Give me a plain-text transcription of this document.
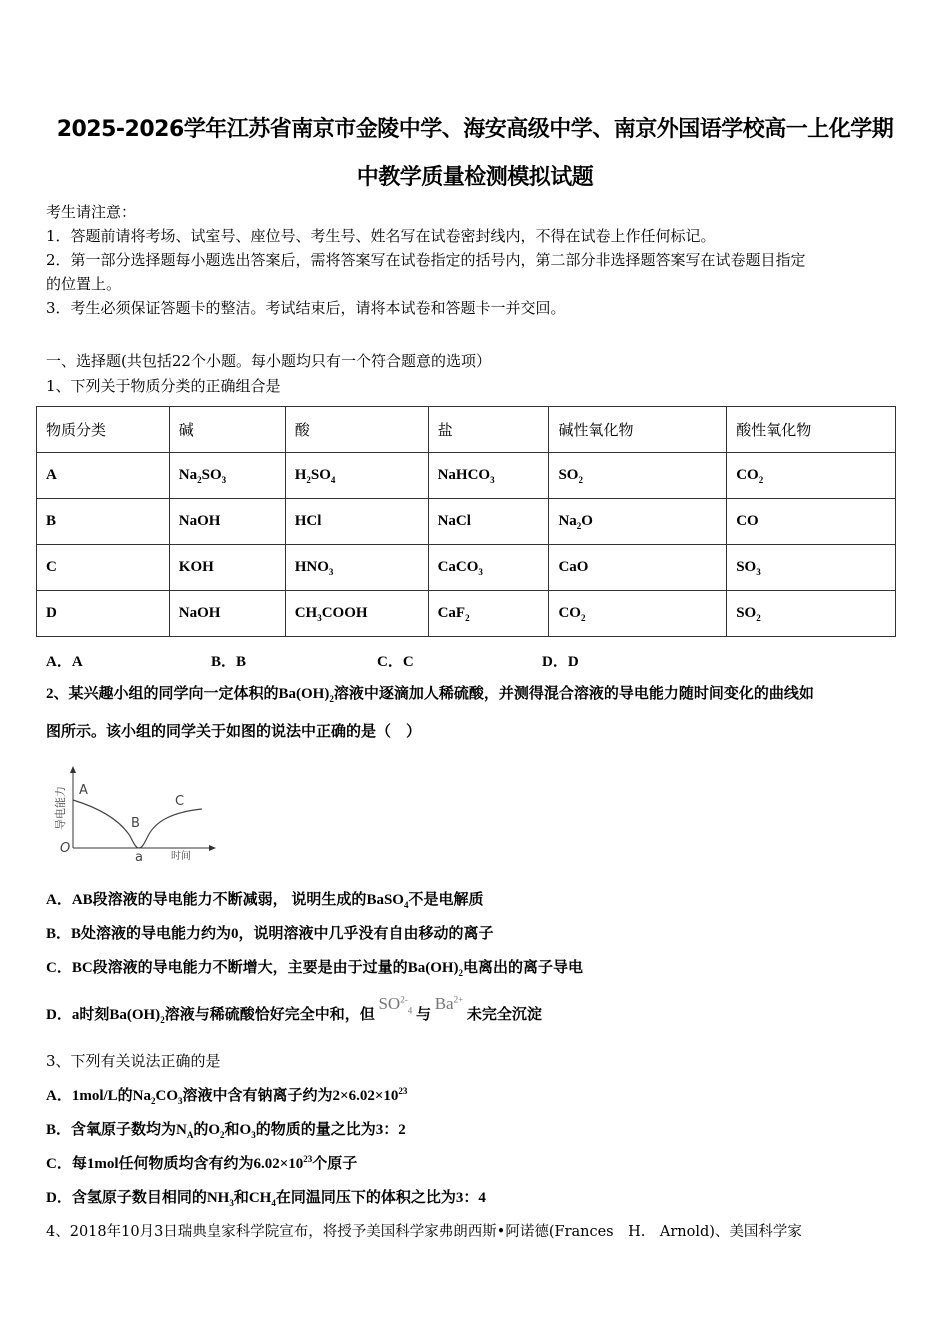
2025-2026学年江苏省南京市金陵中学、海安高级中学、南京外国语学校高一上化学期
中教学质量检测模拟试题
考生请注意：
1．答题前请将考场、试室号、座位号、考生号、姓名写在试卷密封线内，不得在试卷上作任何标记。
2．第一部分选择题每小题选出答案后，需将答案写在试卷指定的括号内，第二部分非选择题答案写在试卷题目指定
的位置上。
3．考生必须保证答题卡的整洁。考试结束后，请将本试卷和答题卡一并交回。
一、选择题(共包括22个小题。每小题均只有一个符合题意的选项）
1、下列关于物质分类的正确组合是
物质分类	碱	酸	盐	碱性氧化物	酸性氧化物
A	$Na_2SO_3$	$H_2SO_4$	NaHCO$_3$	$SO_2$	$CO_2$
B	NaOH	HCl	NaCl	$Na_2O$	CO
C	KOH	$HNO_3$	CaCO$_3$	CaO	$SO_3$
D	NaOH	$CH_3COOH$	CaF$_2$	$CO_2$	$SO_2$
A．A	B．B	C．C	D．D
2、某兴趣小组的同学向一定体积的$Ba(OH)_2$溶液中逐滴加人稀硫酸，并测得混合溶液的导电能力随时间变化的曲线如
图所示。该小组的同学关于如图的说法中正确的是（　）
A
B
C
O
a	时间
导电能力
A．AB段溶液的导电能力不断减弱， 说明生成的BaSO$_4$不是电解质
B．B处溶液的导电能力约为0，说明溶液中几乎没有自由移动的离子
C．BC段溶液的导电能力不断增大，主要是由于过量的$Ba(OH)_2$电离出的离子导电
D．a时刻$Ba(OH)_2$溶液与稀硫酸恰好完全中和，但 $SO^{2-}_4$ 与 $Ba^{2+}$ 未完全沉淀
3、下列有关说法正确的是
A．1mol/L的$Na_2CO_3$溶液中含有钠离子约为$2\times 6.02\times 10^{23}$
B．含氧原子数均为$N_A$的$O_2$和$O_3$的物质的量之比为3：2
C．每1mol任何物质均含有约为$6.02\times 10^{23}$个原子
D．含氢原子数目相同的$NH_3$和$CH_4$在同温同压下的体积之比为3：4
4、2018年10月3日瑞典皇家科学院宣布，将授予美国科学家弗朗西斯•阿诺德(Frances　H.　Arnold)、美国科学家
